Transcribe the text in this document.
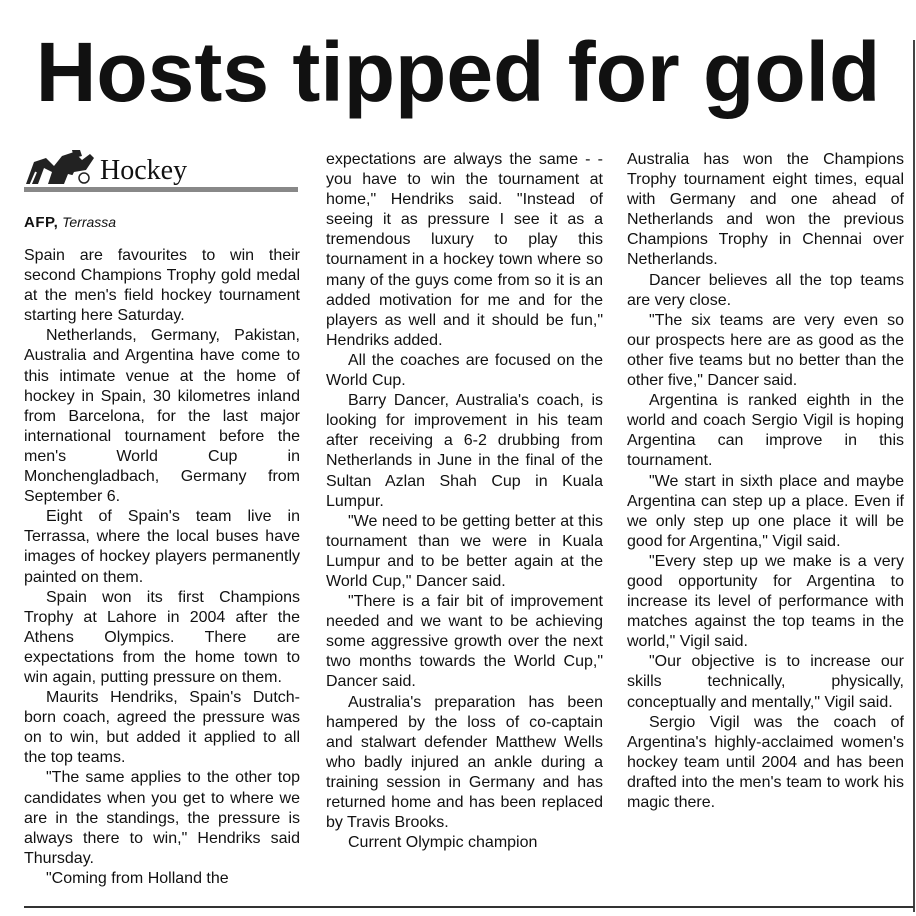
Hosts tipped for gold
Hockey
AFP, Terrassa

Spain are favourites to win their second Champions Trophy gold medal at the men's field hockey tournament starting here Saturday.

Netherlands, Germany, Pakistan, Australia and Argentina have come to this intimate venue at the home of hockey in Spain, 30 kilometres inland from Barcelona, for the last major international tournament before the men's World Cup in Monchengladbach, Germany from September 6.

Eight of Spain's team live in Terrassa, where the local buses have images of hockey players permanently painted on them.

Spain won its first Champions Trophy at Lahore in 2004 after the Athens Olympics. There are expectations from the home town to win again, putting pressure on them.

Maurits Hendriks, Spain's Dutch-born coach, agreed the pressure was on to win, but added it applied to all the top teams.

"The same applies to the other top candidates when you get to where we are in the standings, the pressure is always there to win," Hendriks said Thursday.

"Coming from Holland the

expectations are always the same - - you have to win the tournament at home," Hendriks said. "Instead of seeing it as pressure I see it as a tremendous luxury to play this tournament in a hockey town where so many of the guys come from so it is an added motivation for me and for the players as well and it should be fun," Hendriks added.

All the coaches are focused on the World Cup.

Barry Dancer, Australia's coach, is looking for improvement in his team after receiving a 6-2 drubbing from Netherlands in June in the final of the Sultan Azlan Shah Cup in Kuala Lumpur.

"We need to be getting better at this tournament than we were in Kuala Lumpur and to be better again at the World Cup," Dancer said.

"There is a fair bit of improvement needed and we want to be achieving some aggressive growth over the next two months towards the World Cup," Dancer said.

Australia's preparation has been hampered by the loss of co-captain and stalwart defender Matthew Wells who badly injured an ankle during a training session in Germany and has returned home and has been replaced by Travis Brooks.

Current Olympic champion

Australia has won the Champions Trophy tournament eight times, equal with Germany and one ahead of Netherlands and won the previous Champions Trophy in Chennai over Netherlands.

Dancer believes all the top teams are very close.

"The six teams are very even so our prospects here are as good as the other five teams but no better than the other five," Dancer said.

Argentina is ranked eighth in the world and coach Sergio Vigil is hoping Argentina can improve in this tournament.

"We start in sixth place and maybe Argentina can step up a place. Even if we only step up one place it will be good for Argentina," Vigil said.

"Every step up we make is a very good opportunity for Argentina to increase its level of performance with matches against the top teams in the world," Vigil said.

"Our objective is to increase our skills technically, physically, conceptually and mentally," Vigil said.

Sergio Vigil was the coach of Argentina's highly-acclaimed women's hockey team until 2004 and has been drafted into the men's team to work his magic there.
